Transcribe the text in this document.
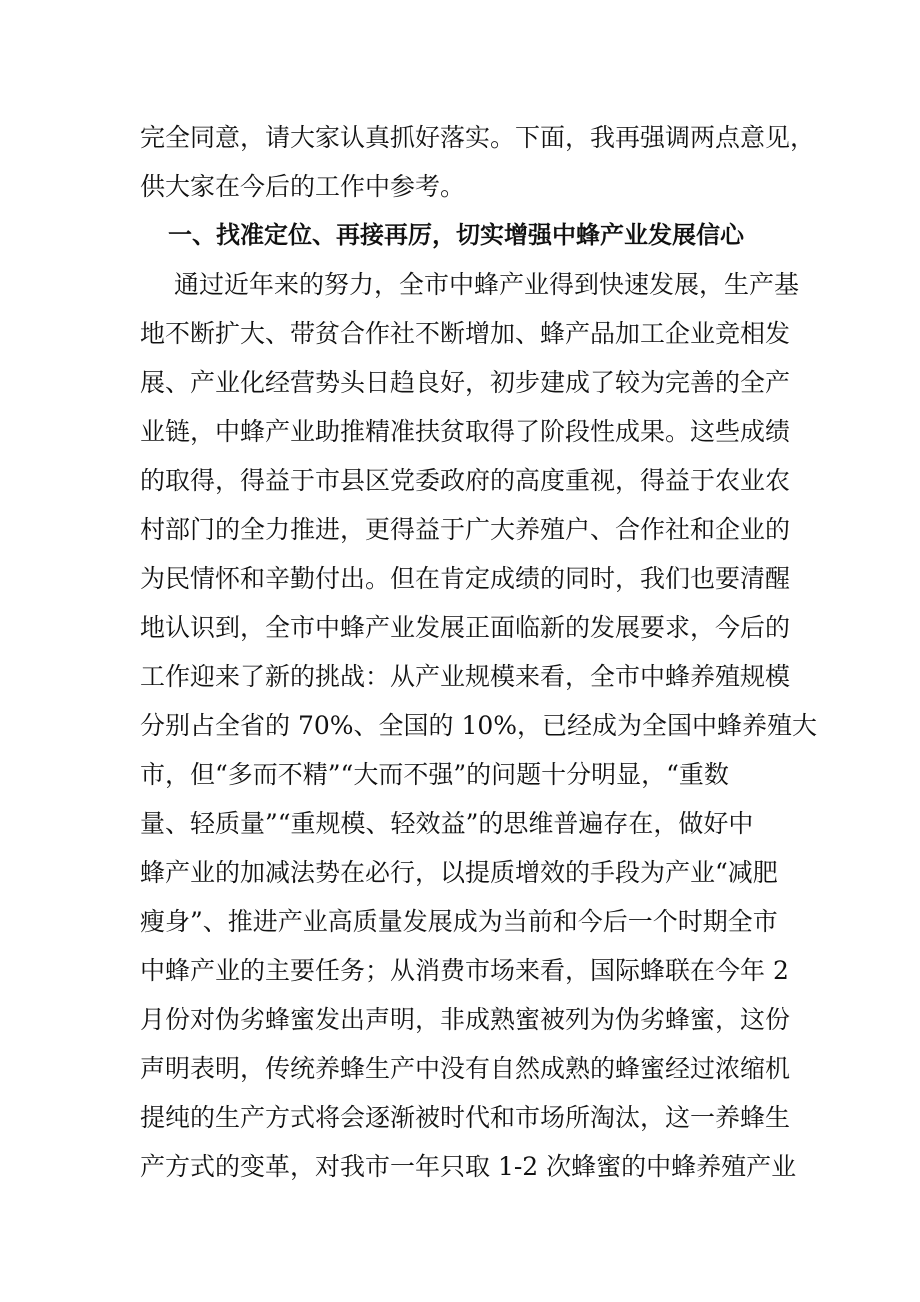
完全同意，请大家认真抓好落实。下面，我再强调两点意见，
供大家在今后的工作中参考。
一、找准定位、再接再厉，切实增强中蜂产业发展信心
通过近年来的努力，全市中蜂产业得到快速发展，生产基
地不断扩大、带贫合作社不断增加、蜂产品加工企业竞相发
展、产业化经营势头日趋良好，初步建成了较为完善的全产
业链，中蜂产业助推精准扶贫取得了阶段性成果。这些成绩
的取得，得益于市县区党委政府的高度重视，得益于农业农
村部门的全力推进，更得益于广大养殖户、合作社和企业的
为民情怀和辛勤付出。但在肯定成绩的同时，我们也要清醒
地认识到，全市中蜂产业发展正面临新的发展要求，今后的
工作迎来了新的挑战：从产业规模来看，全市中蜂养殖规模
分别占全省的 70%、全国的 10%，已经成为全国中蜂养殖大
市，但“多而不精”“大而不强”的问题十分明显，“重数
量、轻质量”“重规模、轻效益”的思维普遍存在，做好中
蜂产业的加减法势在必行，以提质增效的手段为产业“减肥
瘦身”、推进产业高质量发展成为当前和今后一个时期全市
中蜂产业的主要任务；从消费市场来看，国际蜂联在今年 2
月份对伪劣蜂蜜发出声明，非成熟蜜被列为伪劣蜂蜜，这份
声明表明，传统养蜂生产中没有自然成熟的蜂蜜经过浓缩机
提纯的生产方式将会逐渐被时代和市场所淘汰，这一养蜂生
产方式的变革，对我市一年只取 1-2 次蜂蜜的中蜂养殖产业
